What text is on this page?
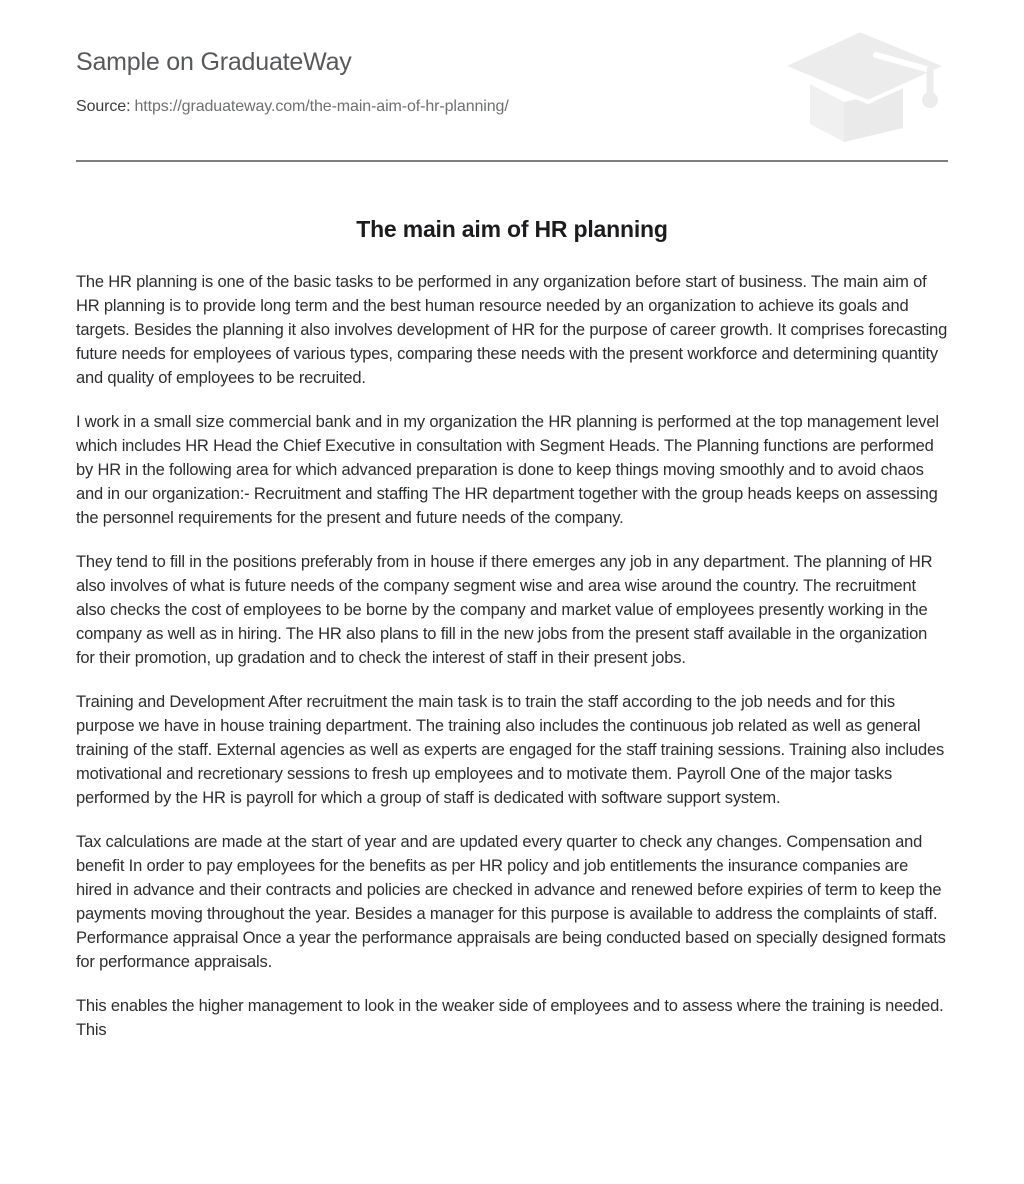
Sample on GraduateWay
Source: https://graduateway.com/the-main-aim-of-hr-planning/
The main aim of HR planning

The HR planning is one of the basic tasks to be performed in any organization before start of business. The main aim of HR planning is to provide long term and the best human resource needed by an organization to achieve its goals and targets. Besides the planning it also involves development of HR for the purpose of career growth. It comprises forecasting future needs for employees of various types, comparing these needs with the present workforce and determining quantity and quality of employees to be recruited.

I work in a small size commercial bank and in my organization the HR planning is performed at the top management level which includes HR Head the Chief Executive in consultation with Segment Heads. The Planning functions are performed by HR in the following area for which advanced preparation is done to keep things moving smoothly and to avoid chaos and in our organization:- Recruitment and staffing The HR department together with the group heads keeps on assessing the personnel requirements for the present and future needs of the company.

They tend to fill in the positions preferably from in house if there emerges any job in any department. The planning of HR also involves of what is future needs of the company segment wise and area wise around the country. The recruitment also checks the cost of employees to be borne by the company and market value of employees presently working in the company as well as in hiring. The HR also plans to fill in the new jobs from the present staff available in the organization for their promotion, up gradation and to check the interest of staff in their present jobs.

Training and Development After recruitment the main task is to train the staff according to the job needs and for this purpose we have in house training department. The training also includes the continuous job related as well as general training of the staff. External agencies as well as experts are engaged for the staff training sessions. Training also includes motivational and recretionary sessions to fresh up employees and to motivate them. Payroll One of the major tasks performed by the HR is payroll for which a group of staff is dedicated with software support system.

Tax calculations are made at the start of year and are updated every quarter to check any changes. Compensation and benefit In order to pay employees for the benefits as per HR policy and job entitlements the insurance companies are hired in advance and their contracts and policies are checked in advance and renewed before expiries of term to keep the payments moving throughout the year. Besides a manager for this purpose is available to address the complaints of staff. Performance appraisal Once a year the performance appraisals are being conducted based on specially designed formats for performance appraisals.

This enables the higher management to look in the weaker side of employees and to assess where the training is needed. This
